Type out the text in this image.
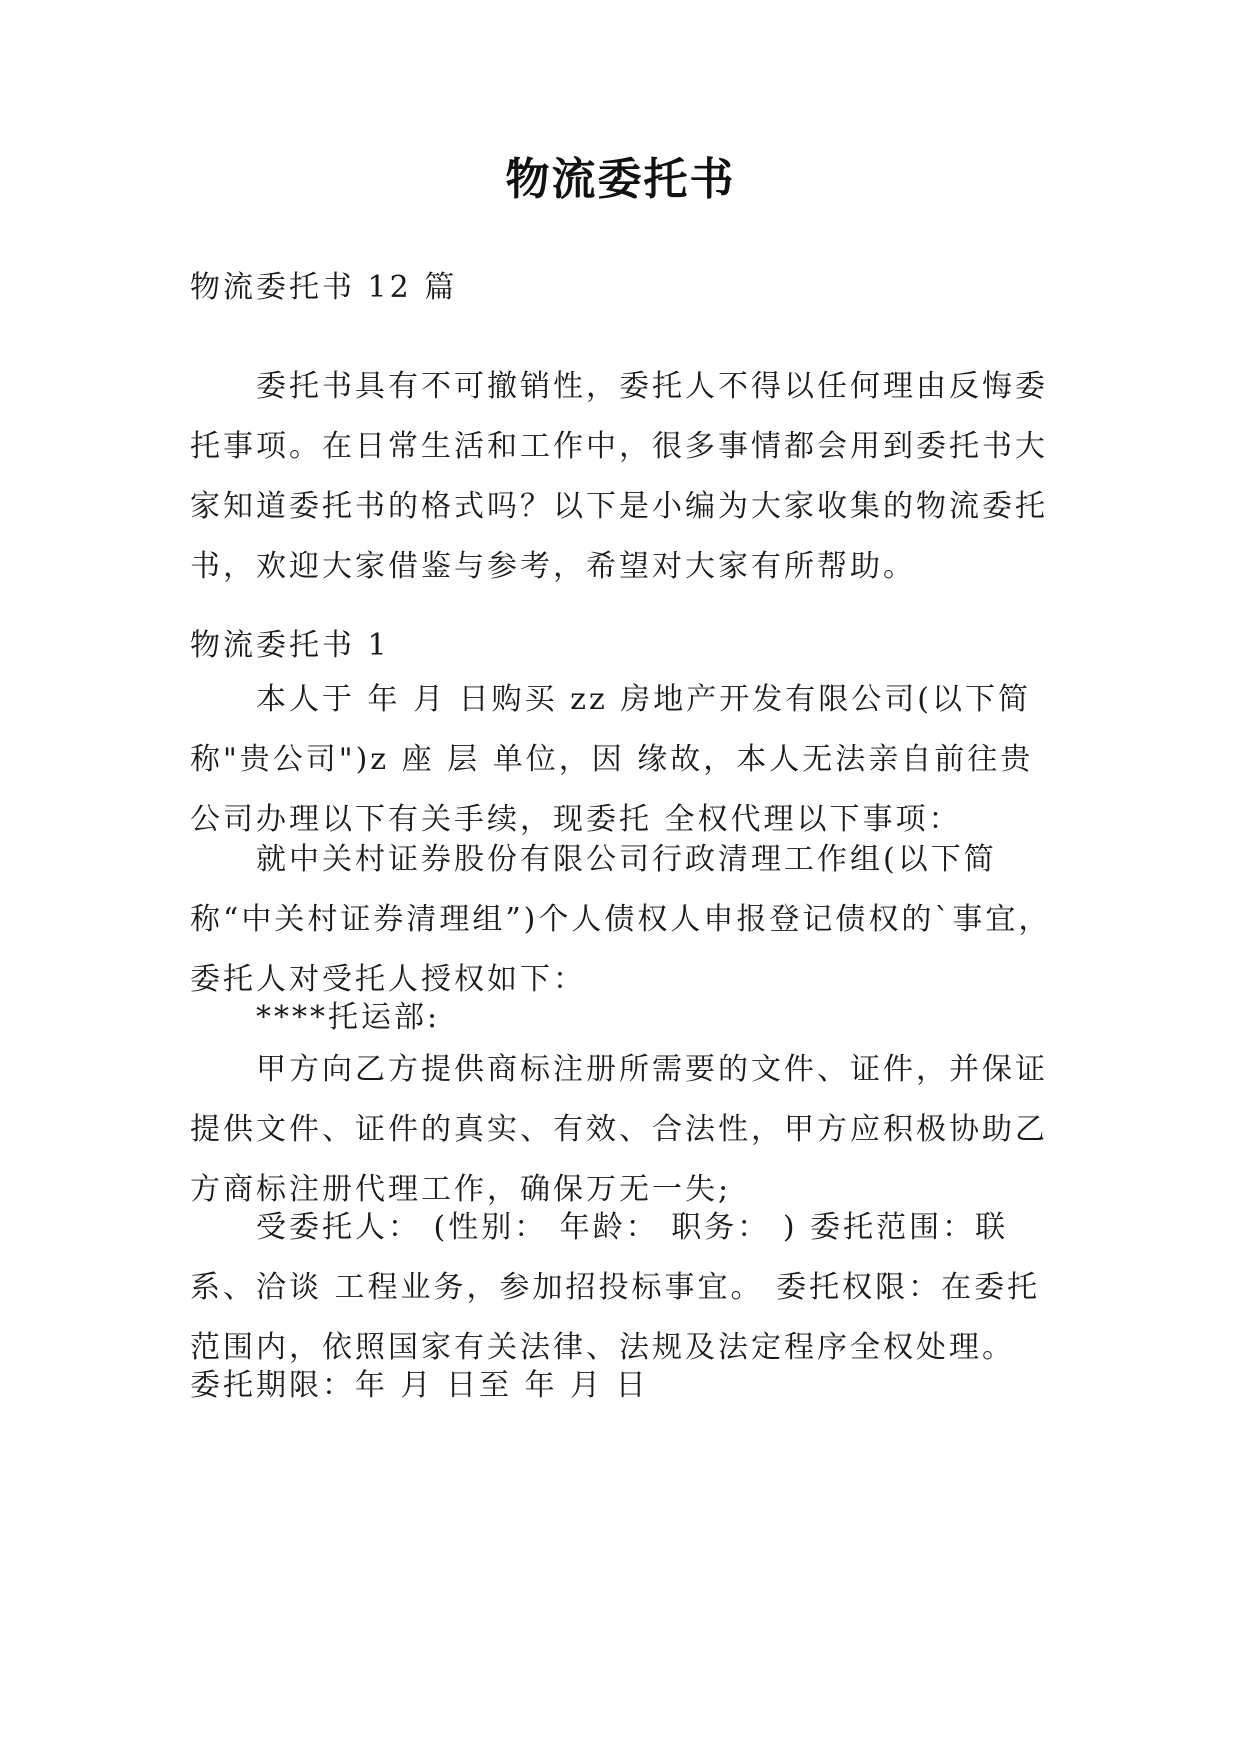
物流委托书

物流委托书 12 篇

委托书具有不可撤销性，委托人不得以任何理由反悔委托事项。在日常生活和工作中，很多事情都会用到委托书大家知道委托书的格式吗？以下是小编为大家收集的物流委托书，欢迎大家借鉴与参考，希望对大家有所帮助。

物流委托书 1

本人于 年 月 日购买 zz 房地产开发有限公司(以下简称"贵公司")z 座 层 单位，因 缘故，本人无法亲自前往贵公司办理以下有关手续，现委托 全权代理以下事项：

就中关村证券股份有限公司行政清理工作组(以下简称“中关村证券清理组”)个人债权人申报登记债权的`事宜，委托人对受托人授权如下：

****托运部:

甲方向乙方提供商标注册所需要的文件、证件，并保证提供文件、证件的真实、有效、合法性，甲方应积极协助乙方商标注册代理工作，确保万无一失;

受委托人： (性别： 年龄： 职务： ) 委托范围：联系、洽谈 工程业务，参加招投标事宜。 委托权限：在委托范围内，依照国家有关法律、法规及法定程序全权处理。

委托期限：年 月 日至 年 月 日
